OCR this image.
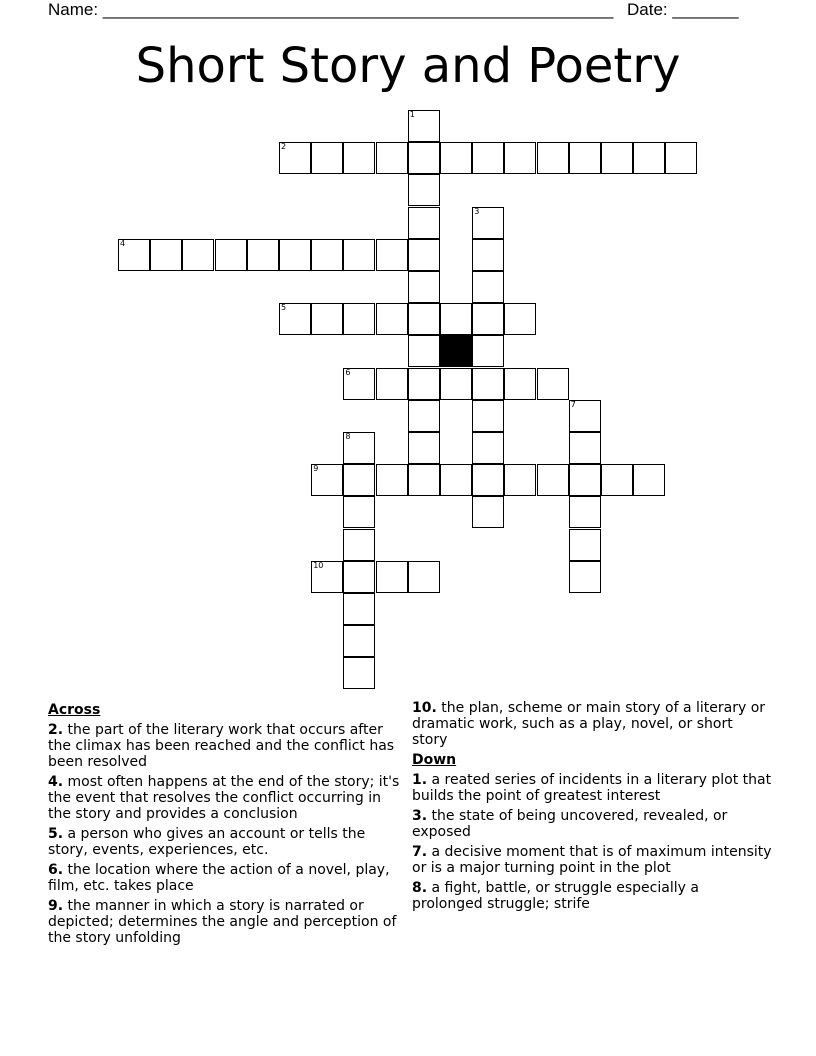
Name: ______________________________________________________ Date: _______
Short Story and Poetry
1
2
3
4
5
6
7
8
9
10
Across
2. the part of the literary work that occurs after the climax has been reached and the conflict has been resolved
4. most often happens at the end of the story; it's the event that resolves the conflict occurring in the story and provides a conclusion
5. a person who gives an account or tells the story, events, experiences, etc.
6. the location where the action of a novel, play, film, etc. takes place
9. the manner in which a story is narrated or depicted; determines the angle and perception of the story unfolding
10. the plan, scheme or main story of a literary or dramatic work, such as a play, novel, or short story
Down
1. a reated series of incidents in a literary plot that builds the point of greatest interest
3. the state of being uncovered, revealed, or exposed
7. a decisive moment that is of maximum intensity or is a major turning point in the plot
8. a fight, battle, or struggle especially a prolonged struggle; strife
